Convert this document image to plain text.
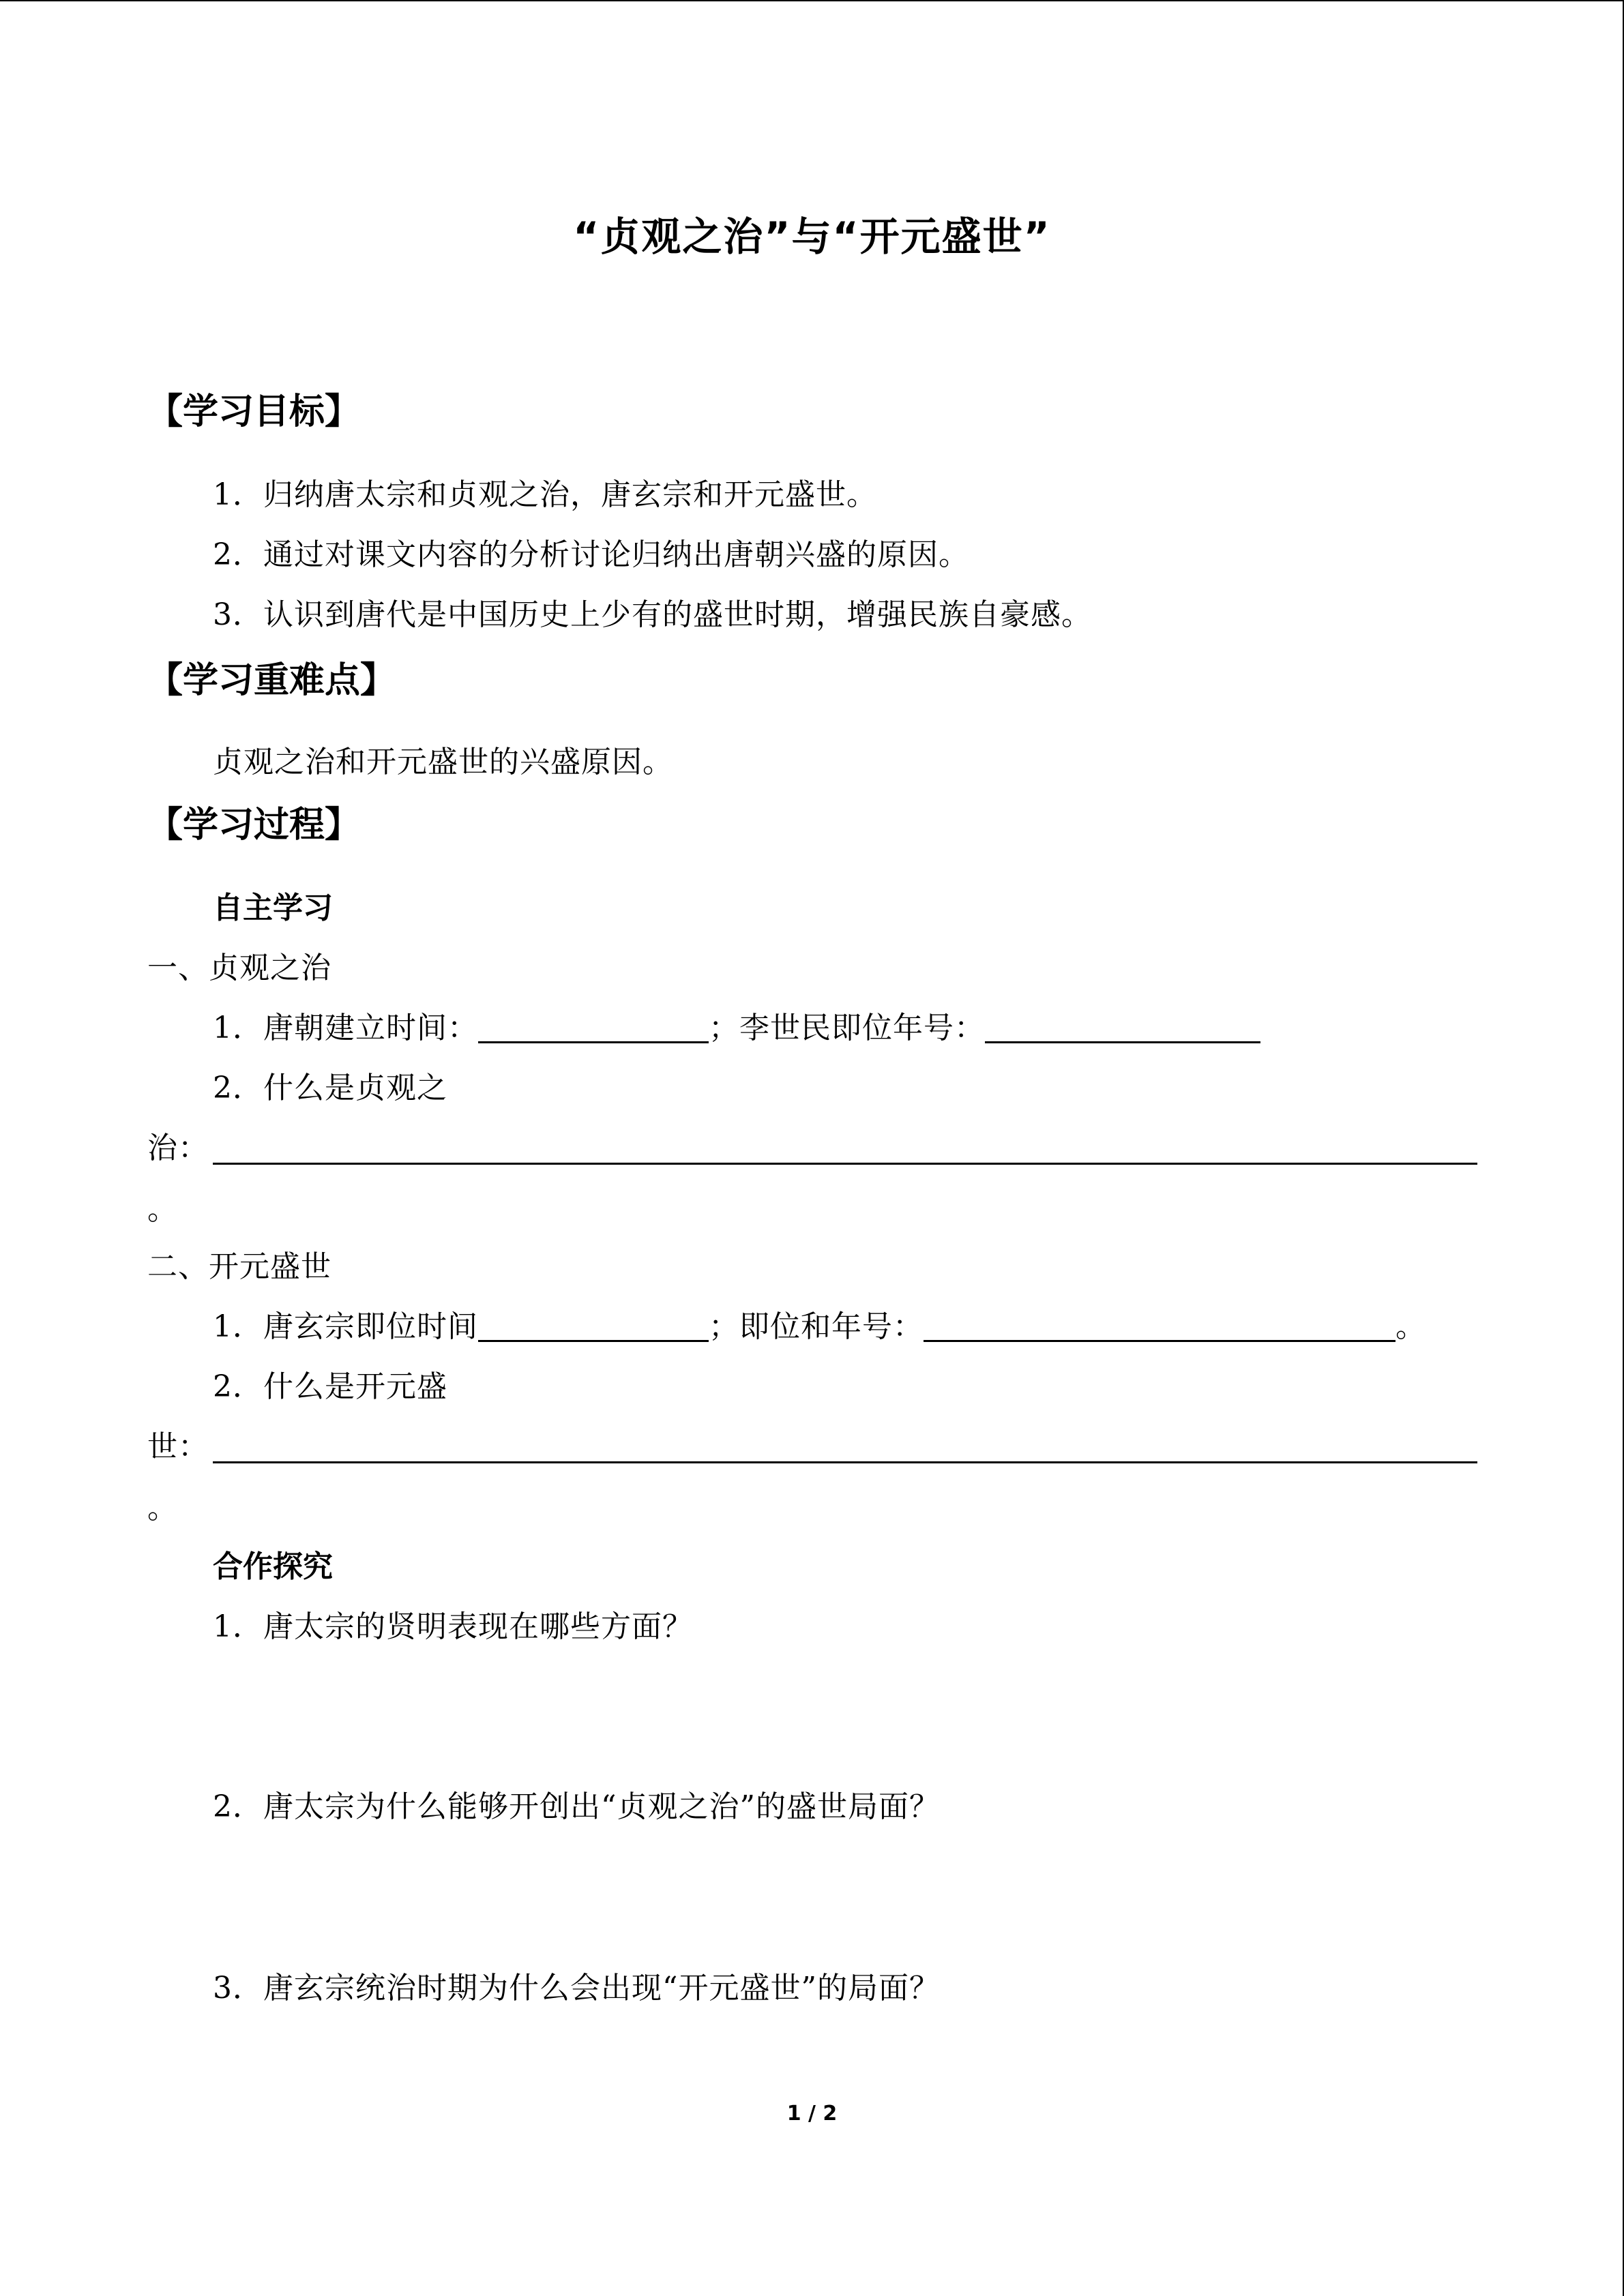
“贞观之治”与“开元盛世”
【学习目标】
1．归纳唐太宗和贞观之治，唐玄宗和开元盛世。
2．通过对课文内容的分析讨论归纳出唐朝兴盛的原因。
3．认识到唐代是中国历史上少有的盛世时期，增强民族自豪感。
【学习重难点】
贞观之治和开元盛世的兴盛原因。
【学习过程】
自主学习
一、贞观之治
1．唐朝建立时间：	；李世民即位年号：
2．什么是贞观之
治：
。
二、开元盛世
1．唐玄宗即位时间	；即位和年号：	。
2．什么是开元盛
世：
。
合作探究
1．唐太宗的贤明表现在哪些方面？
2．唐太宗为什么能够开创出“贞观之治”的盛世局面？
3．唐玄宗统治时期为什么会出现“开元盛世”的局面？
1 / 2
